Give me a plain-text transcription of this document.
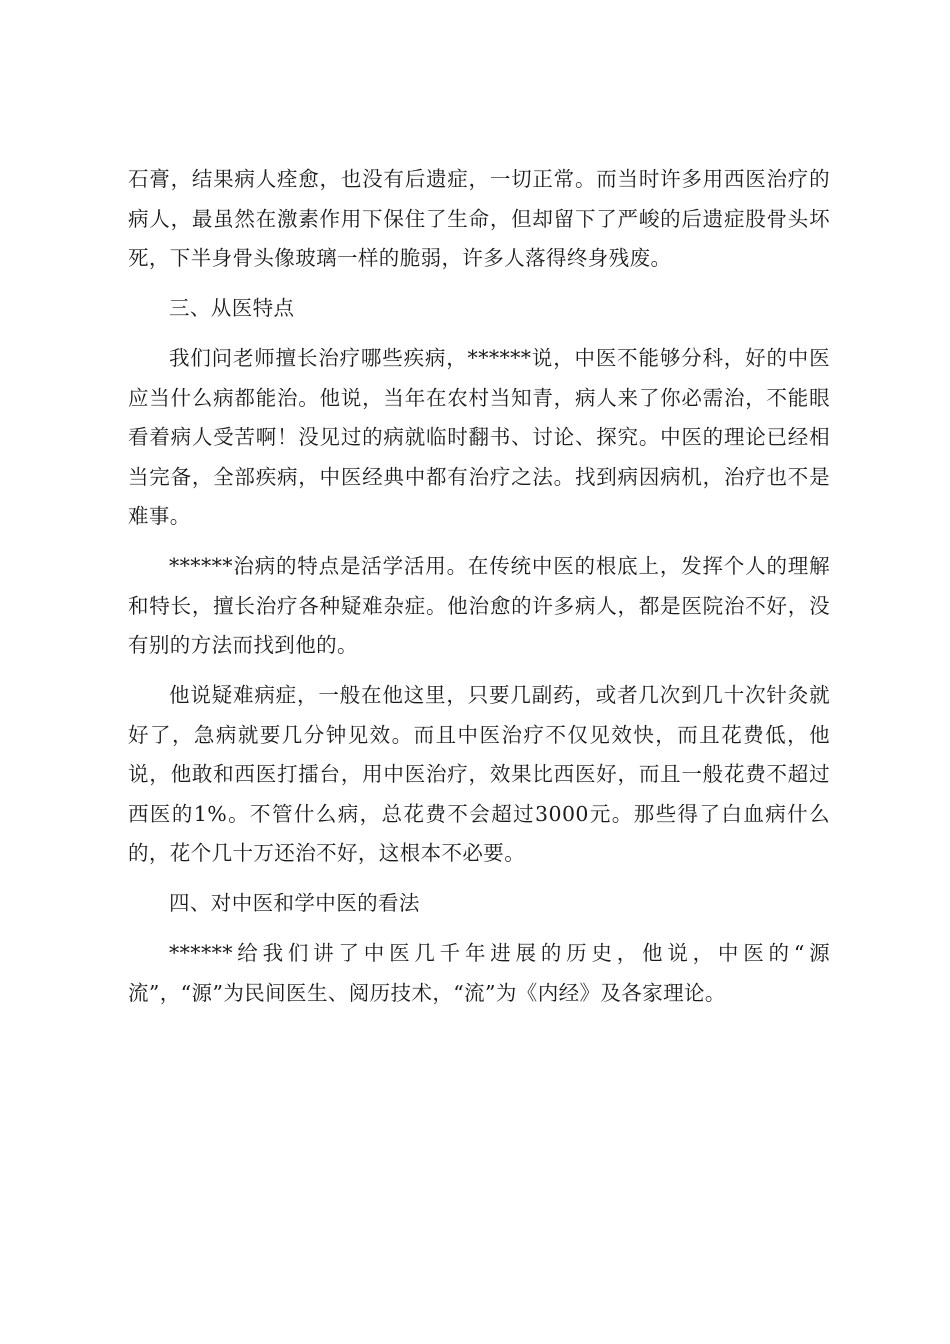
石膏，结果病人痊愈，也没有后遗症，一切正常。而当时许多用西医治疗的病人，最虽然在激素作用下保住了生命，但却留下了严峻的后遗症股骨头坏死，下半身骨头像玻璃一样的脆弱，许多人落得终身残废。

三、从医特点

我们问老师擅长治疗哪些疾病，******说，中医不能够分科，好的中医应当什么病都能治。他说，当年在农村当知青，病人来了你必需治，不能眼看着病人受苦啊！没见过的病就临时翻书、讨论、探究。中医的理论已经相当完备，全部疾病，中医经典中都有治疗之法。找到病因病机，治疗也不是难事。

******治病的特点是活学活用。在传统中医的根底上，发挥个人的理解和特长，擅长治疗各种疑难杂症。他治愈的许多病人，都是医院治不好，没有别的方法而找到他的。

他说疑难病症，一般在他这里，只要几副药，或者几次到几十次针灸就好了，急病就要几分钟见效。而且中医治疗不仅见效快，而且花费低，他说，他敢和西医打擂台，用中医治疗，效果比西医好，而且一般花费不超过西医的1%。不管什么病，总花费不会超过3000元。那些得了白血病什么的，花个几十万还治不好，这根本不必要。

四、对中医和学中医的看法

******给我们讲了中医几千年进展的历史，他说，中医的“源流”，“源”为民间医生、阅历技术，“流”为《内经》及各家理论。
